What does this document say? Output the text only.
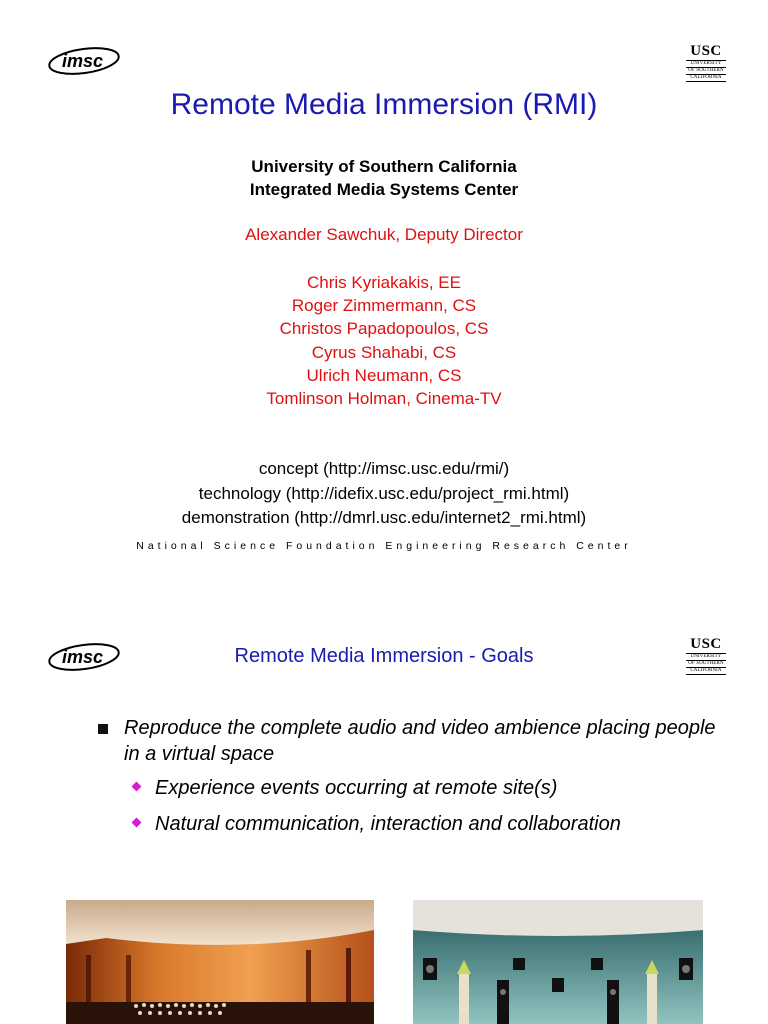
imsc	USC
UNIVERSITY
OF SOUTHERN
CALIFORNIA
Remote Media Immersion (RMI)
University of Southern California
Integrated Media Systems Center
Alexander Sawchuk, Deputy Director
Chris Kyriakakis, EE
Roger Zimmermann, CS
Christos Papadopoulos, CS
Cyrus Shahabi, CS
Ulrich Neumann, CS
Tomlinson Holman, Cinema-TV
concept (http://imsc.usc.edu/rmi/)
technology (http://idefix.usc.edu/project_rmi.html)
demonstration (http://dmrl.usc.edu/internet2_rmi.html)
National Science Foundation Engineering Research Center
imsc
USC
UNIVERSITY
OF SOUTHERN
CALIFORNIA
Remote Media Immersion - Goals
Reproduce the complete audio and video ambience placing people in a virtual space
Experience events occurring at remote site(s)
Natural communication, interaction and collaboration
